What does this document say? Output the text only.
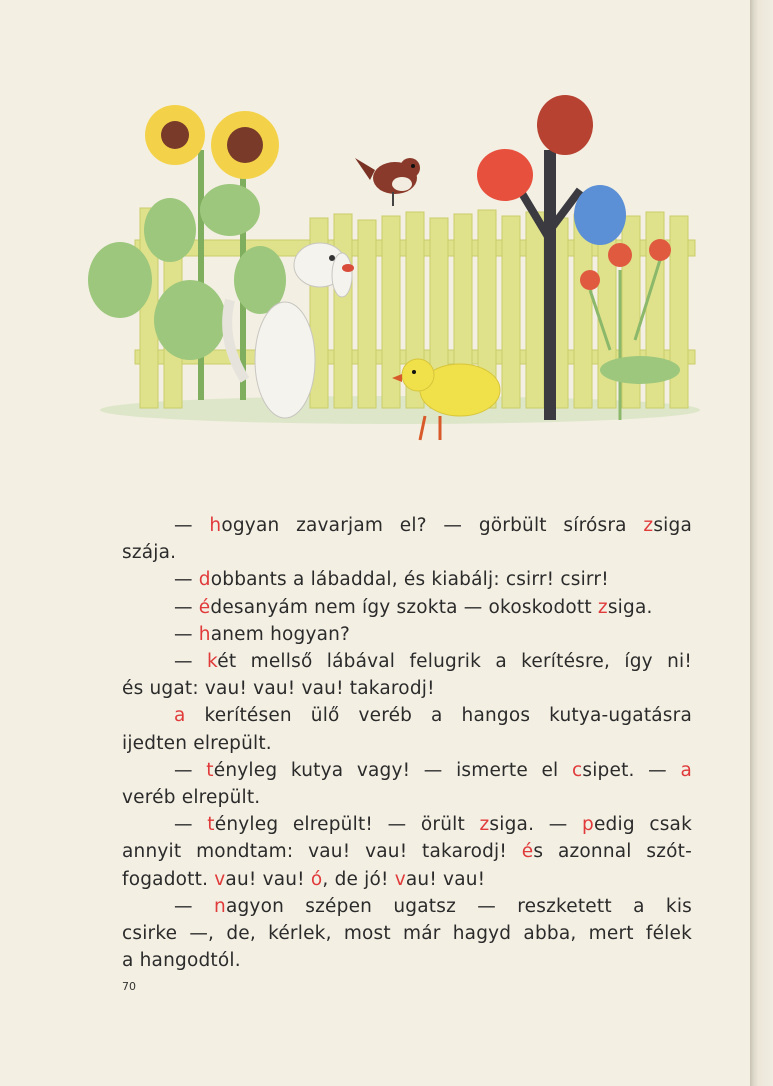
— hogyan zavarjam el? — görbült sírósra zsiga
szája.
— dobbants a lábaddal, és kiabálj: csirr! csirr!
— édesanyám nem így szokta — okoskodott zsiga.
— hanem hogyan?
— két mellső lábával felugrik a kerítésre, így ni!
és ugat: vau! vau! vau! takarodj!
a kerítésen ülő veréb a hangos kutya-ugatásra
ijedten elrepült.
— tényleg kutya vagy! — ismerte el csipet. — a
veréb elrepült.
— tényleg elrepült! — örült zsiga. — pedig csak
annyit mondtam: vau! vau! takarodj! és azonnal szót-
fogadott. vau! vau! ó, de jó! vau! vau!
— nagyon szépen ugatsz — reszketett a kis
csirke —, de, kérlek, most már hagyd abba, mert félek
a hangodtól.
70
